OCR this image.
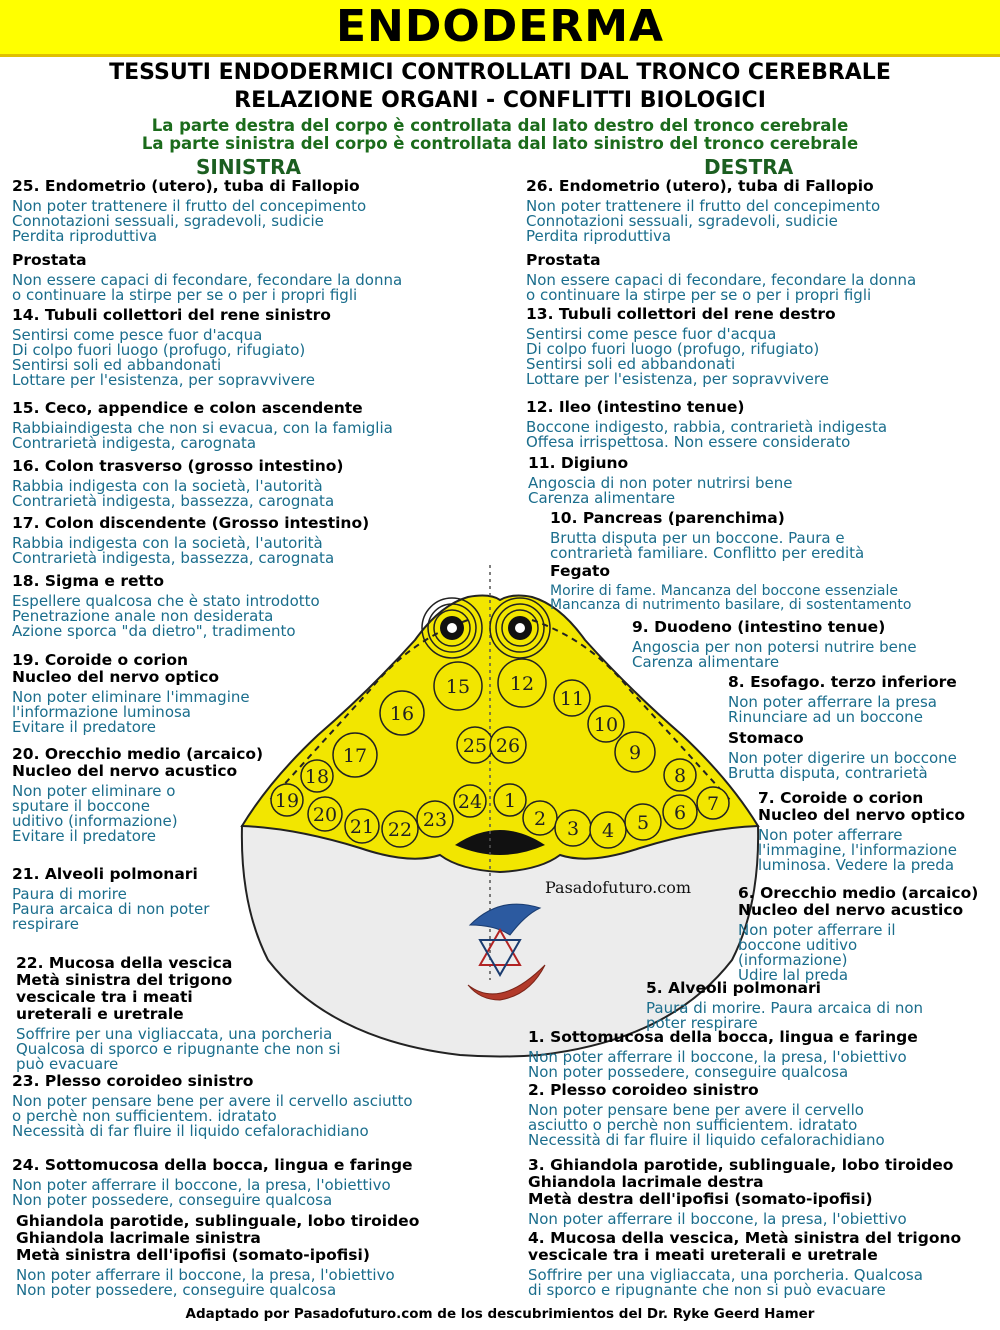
ENDODERMA
TESSUTI ENDODERMICI CONTROLLATI DAL TRONCO CEREBRALE
RELAZIONE ORGANI - CONFLITTI BIOLOGICI
La parte destra del corpo è controllata dal lato destro del tronco cerebrale
La parte sinistra del corpo è controllata dal lato sinistro del tronco cerebrale
SINISTRA	DESTRA
1
2 3 4 5 6 7
8
9
10
11
12
15
16
17
18
19
20
21 22 23
24
25 26
Pasadofuturo.com
25. Endometrio (utero), tuba di Fallopio
Non poter trattenere il frutto del concepimento
Connotazioni sessuali, sgradevoli, sudicie
Perdita riproduttiva
Prostata
Non essere capaci di fecondare, fecondare la donna
o continuare la stirpe per se o per i propri figli
14. Tubuli collettori del rene sinistro
Sentirsi come pesce fuor d'acqua
Di colpo fuori luogo (profugo, rifugiato)
Sentirsi soli ed abbandonati
Lottare per l'esistenza, per sopravvivere
15. Ceco, appendice e colon ascendente
Rabbiaindigesta che non si evacua, con la famiglia
Contrarietà indigesta, carognata
16. Colon trasverso (grosso intestino)
Rabbia indigesta con la società, l'autorità
Contrarietà indigesta, bassezza, carognata
17. Colon discendente (Grosso intestino)
Rabbia indigesta con la società, l'autorità
Contrarietà indigesta, bassezza, carognata
18. Sigma e retto
Espellere qualcosa che è stato introdotto
Penetrazione anale non desiderata
Azione sporca "da dietro", tradimento
19. Coroide o corion
Nucleo del nervo optico
Non poter eliminare l'immagine
l'informazione luminosa
Evitare il predatore
20. Orecchio medio (arcaico)
Nucleo del nervo acustico
Non poter eliminare o
sputare il boccone
uditivo (informazione)
Evitare il predatore
21. Alveoli polmonari
Paura di morire
Paura arcaica di non poter
respirare
22. Mucosa della vescica
Metà sinistra del trigono
vescicale tra i meati
ureterali e uretrale
Soffrire per una vigliaccata, una porcheria
Qualcosa di sporco e ripugnante che non si
può evacuare
23. Plesso coroideo sinistro
Non poter pensare bene per avere il cervello asciutto
o perchè non sufficientem. idratato
Necessità di far fluire il liquido cefalorachidiano
24. Sottomucosa della bocca, lingua e faringe
Non poter afferrare il boccone, la presa, l'obiettivo
Non poter possedere, conseguire qualcosa
Ghiandola parotide, sublinguale, lobo tiroideo
Ghiandola lacrimale sinistra
Metà sinistra dell'ipofisi (somato-ipofisi)
Non poter afferrare il boccone, la presa, l'obiettivo
Non poter possedere, conseguire qualcosa
26. Endometrio (utero), tuba di Fallopio
Non poter trattenere il frutto del concepimento
Connotazioni sessuali, sgradevoli, sudicie
Perdita riproduttiva
Prostata
Non essere capaci di fecondare, fecondare la donna
o continuare la stirpe per se o per i propri figli
13. Tubuli collettori del rene destro
Sentirsi come pesce fuor d'acqua
Di colpo fuori luogo (profugo, rifugiato)
Sentirsi soli ed abbandonati
Lottare per l'esistenza, per sopravvivere
12. Ileo (intestino tenue)
Boccone indigesto, rabbia, contrarietà indigesta
Offesa irrispettosa. Non essere considerato
11. Digiuno
Angoscia di non poter nutrirsi bene
Carenza alimentare
10. Pancreas (parenchima)
Brutta disputa per un boccone. Paura e
contrarietà familiare. Conflitto per eredità
Fegato
Morire di fame. Mancanza del boccone essenziale
Mancanza di nutrimento basilare, di sostentamento
9. Duodeno (intestino tenue)
Angoscia per non potersi nutrire bene
Carenza alimentare
8. Esofago. terzo inferiore
Non poter afferrare la presa
Rinunciare ad un boccone
Stomaco
Non poter digerire un boccone
Brutta disputa, contrarietà
7. Coroide o corion
Nucleo del nervo optico
Non poter afferrare
l'immagine, l'informazione
luminosa. Vedere la preda
6. Orecchio medio (arcaico)
Nucleo del nervo acustico
Non poter afferrare il
boccone uditivo
(informazione)
Udire lal preda
5. Alveoli polmonari
Paura di morire. Paura arcaica di non
poter respirare
1. Sottomucosa della bocca, lingua e faringe
Non poter afferrare il boccone, la presa, l'obiettivo
Non poter possedere, conseguire qualcosa
2. Plesso coroideo sinistro
Non poter pensare bene per avere il cervello
asciutto o perchè non sufficientem. idratato
Necessità di far fluire il liquido cefalorachidiano
3. Ghiandola parotide, sublinguale, lobo tiroideo
Ghiandola lacrimale destra
Metà destra dell'ipofisi (somato-ipofisi)
Non poter afferrare il boccone, la presa, l'obiettivo
4. Mucosa della vescica, Metà sinistra del trigono
vescicale tra i meati ureterali e uretrale
Soffrire per una vigliaccata, una porcheria. Qualcosa
di sporco e ripugnante che non si può evacuare
Adaptado por Pasadofuturo.com de los descubrimientos del Dr. Ryke Geerd Hamer
